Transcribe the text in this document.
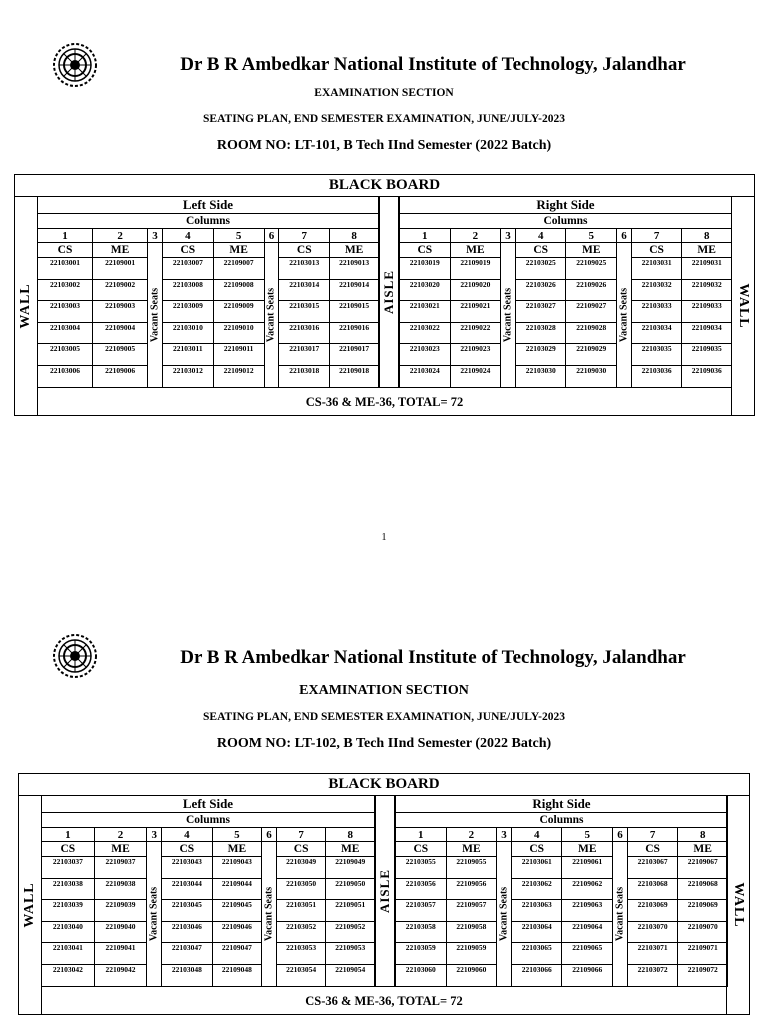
Dr B R Ambedkar National Institute of Technology, Jalandhar
EXAMINATION SECTION
SEATING PLAN, END SEMESTER EXAMINATION, JUNE/JULY-2023
ROOM NO: LT-101, B Tech IInd Semester (2022 Batch)
BLACK BOARD
WALL	WALL
Left Side							
Columns							
1	2	3	4	5	6	7	8
CS	ME	Vacant Seats	CS	ME	Vacant Seats	CS	ME
22103001	22109001		22103007	22109007		22103013	22109013
22103002	22109002		22103008	22109008		22103014	22109014
22103003	22109003		22103009	22109009		22103015	22109015
22103004	22109004		22103010	22109010		22103016	22109016
22103005	22109005		22103011	22109011		22103017	22109017
22103006	22109006		22103012	22109012		22103018	22109018
AISLE
Right Side							
Columns							
1	2	3	4	5	6	7	8
CS	ME	Vacant Seats	CS	ME	Vacant Seats	CS	ME
22103019	22109019		22103025	22109025		22103031	22109031
22103020	22109020		22103026	22109026		22103032	22109032
22103021	22109021		22103027	22109027		22103033	22109033
22103022	22109022		22103028	22109028		22103034	22109034
22103023	22109023		22103029	22109029		22103035	22109035
22103024	22109024		22103030	22109030		22103036	22109036
CS-36 & ME-36, TOTAL= 72
1
Dr B R Ambedkar National Institute of Technology, Jalandhar
EXAMINATION SECTION
SEATING PLAN, END SEMESTER EXAMINATION, JUNE/JULY-2023
ROOM NO: LT-102, B Tech IInd Semester (2022 Batch)
BLACK BOARD
WALL	WALL
Left Side							
Columns							
1	2	3	4	5	6	7	8
CS	ME	Vacant Seats	CS	ME	Vacant Seats	CS	ME
22103037	22109037		22103043	22109043		22103049	22109049
22103038	22109038		22103044	22109044		22103050	22109050
22103039	22109039		22103045	22109045		22103051	22109051
22103040	22109040		22103046	22109046		22103052	22109052
22103041	22109041		22103047	22109047		22103053	22109053
22103042	22109042		22103048	22109048		22103054	22109054
AISLE
Right Side							
Columns							
1	2	3	4	5	6	7	8
CS	ME	Vacant Seats	CS	ME	Vacant Seats	CS	ME
22103055	22109055		22103061	22109061		22103067	22109067
22103056	22109056		22103062	22109062		22103068	22109068
22103057	22109057		22103063	22109063		22103069	22109069
22103058	22109058		22103064	22109064		22103070	22109070
22103059	22109059		22103065	22109065		22103071	22109071
22103060	22109060		22103066	22109066		22103072	22109072
CS-36 & ME-36, TOTAL= 72
